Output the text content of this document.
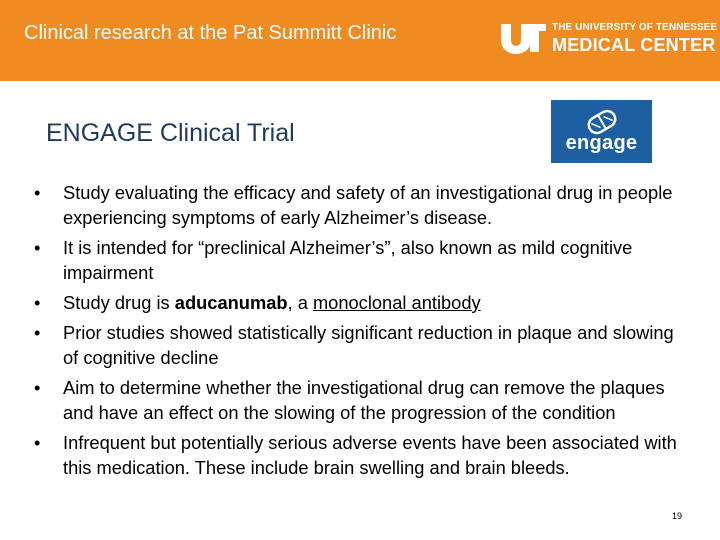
Clinical research at the Pat Summitt Clinic	THE UNIVERSITY OF TENNESSEE
MEDICAL CENTER
ENGAGE Clinical Trial	engage
• Study evaluating the efficacy and safety of an investigational drug in people experiencing symptoms of early Alzheimer’s disease.
• It is intended for “preclinical Alzheimer’s”, also known as mild cognitive impairment
• Study drug is aducanumab, a monoclonal antibody
• Prior studies showed statistically significant reduction in plaque and slowing of cognitive decline
• Aim to determine whether the investigational drug can remove the plaques and have an effect on the slowing of the progression of the condition
• Infrequent but potentially serious adverse events have been associated with this medication. These include brain swelling and brain bleeds.
19
